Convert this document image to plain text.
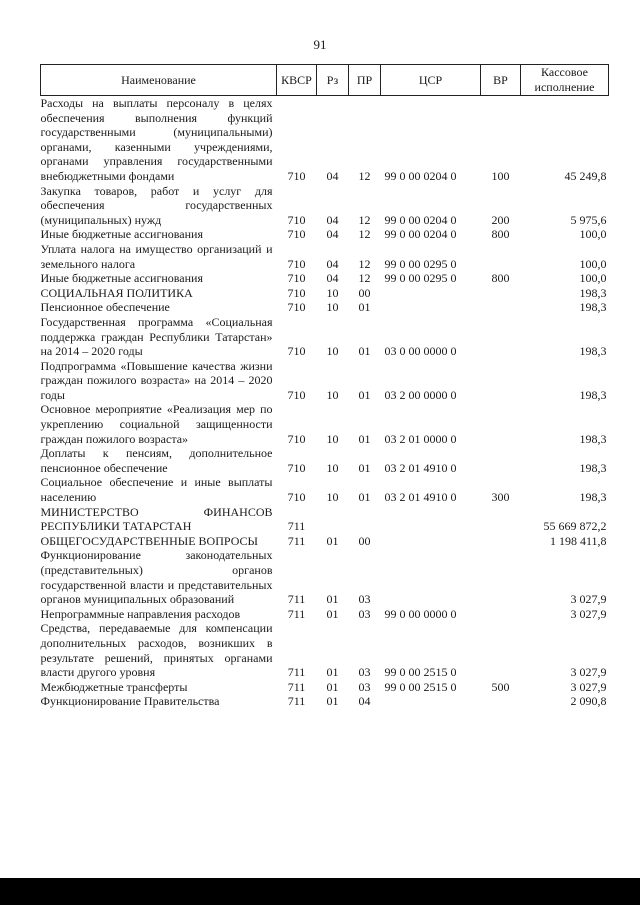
91
Наименование	КВСР	Рз	ПР	ЦСР	ВР	Кассовое исполнение
Расходы на выплаты персоналу в целях обеспечения выполнения функций государственными (муниципальными) органами, казенными учреждениями, органами управления государственными внебюджетными фондами	710	04	12	99 0 00 0204 0	100	45 249,8
Закупка товаров, работ и услуг для обеспечения государственных (муниципальных) нужд	710	04	12	99 0 00 0204 0	200	5 975,6
Иные бюджетные ассигнования	710	04	12	99 0 00 0204 0	800	100,0
Уплата налога на имущество организаций и земельного налога	710	04	12	99 0 00 0295 0		100,0
Иные бюджетные ассигнования	710	04	12	99 0 00 0295 0	800	100,0
СОЦИАЛЬНАЯ ПОЛИТИКА	710	10	00			198,3
Пенсионное обеспечение	710	10	01			198,3
Государственная программа «Социальная поддержка граждан Республики Татарстан» на 2014 – 2020 годы	710	10	01	03 0 00 0000 0		198,3
Подпрограмма «Повышение качества жизни граждан пожилого возраста» на 2014 – 2020 годы	710	10	01	03 2 00 0000 0		198,3
Основное мероприятие «Реализация мер по укреплению социальной защищенности граждан пожилого возраста»	710	10	01	03 2 01 0000 0		198,3
Доплаты к пенсиям, дополнительное пенсионное обеспечение	710	10	01	03 2 01 4910 0		198,3
Социальное обеспечение и иные выплаты населению	710	10	01	03 2 01 4910 0	300	198,3
МИНИСТЕРСТВО ФИНАНСОВ РЕСПУБЛИКИ ТАТАРСТАН	711					55 669 872,2
ОБЩЕГОСУДАРСТВЕННЫЕ ВОПРОСЫ	711	01	00			1 198 411,8
Функционирование законодательных (представительных) органов государственной власти и представительных органов муниципальных образований	711	01	03			3 027,9
Непрограммные направления расходов	711	01	03	99 0 00 0000 0		3 027,9
Средства, передаваемые для компенсации дополнительных расходов, возникших в результате решений, принятых органами власти другого уровня	711	01	03	99 0 00 2515 0		3 027,9
Межбюджетные трансферты	711	01	03	99 0 00 2515 0	500	3 027,9
Функционирование Правительства	711	01	04			2 090,8
